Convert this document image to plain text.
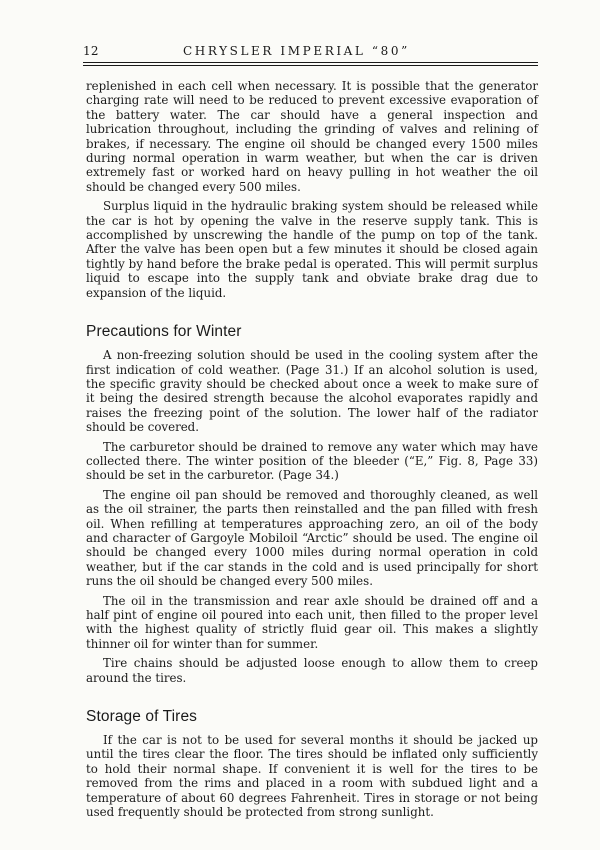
12	CHRYSLER IMPERIAL “80”

replenished in each cell when necessary. It is possible that the generator charging rate will need to be reduced to prevent excessive evaporation of the battery water. The car should have a general inspection and lubrication throughout, including the grinding of valves and relining of brakes, if necessary. The engine oil should be changed every 1500 miles during normal operation in warm weather, but when the car is driven extremely fast or worked hard on heavy pulling in hot weather the oil should be changed every 500 miles.

Surplus liquid in the hydraulic braking system should be released while the car is hot by opening the valve in the reserve supply tank. This is accomplished by unscrewing the handle of the pump on top of the tank. After the valve has been open but a few minutes it should be closed again tightly by hand before the brake pedal is operated. This will permit surplus liquid to escape into the supply tank and obviate brake drag due to expansion of the liquid.

Precautions for Winter

A non-freezing solution should be used in the cooling system after the first indication of cold weather. (Page 31.) If an alcohol solution is used, the specific gravity should be checked about once a week to make sure of it being the desired strength because the alcohol evaporates rapidly and raises the freezing point of the solution. The lower half of the radiator should be covered.

The carburetor should be drained to remove any water which may have collected there. The winter position of the bleeder (“E,” Fig. 8, Page 33) should be set in the carburetor. (Page 34.)

The engine oil pan should be removed and thoroughly cleaned, as well as the oil strainer, the parts then reinstalled and the pan filled with fresh oil. When refilling at temperatures approaching zero, an oil of the body and character of Gargoyle Mobiloil “Arctic” should be used. The engine oil should be changed every 1000 miles during normal operation in cold weather, but if the car stands in the cold and is used principally for short runs the oil should be changed every 500 miles.

The oil in the transmission and rear axle should be drained off and a half pint of engine oil poured into each unit, then filled to the proper level with the highest quality of strictly fluid gear oil. This makes a slightly thinner oil for winter than for summer.

Tire chains should be adjusted loose enough to allow them to creep around the tires.

Storage of Tires

If the car is not to be used for several months it should be jacked up until the tires clear the floor. The tires should be inflated only sufficiently to hold their normal shape. If convenient it is well for the tires to be removed from the rims and placed in a room with subdued light and a temperature of about 60 degrees Fahrenheit. Tires in storage or not being used frequently should be protected from strong sunlight.
